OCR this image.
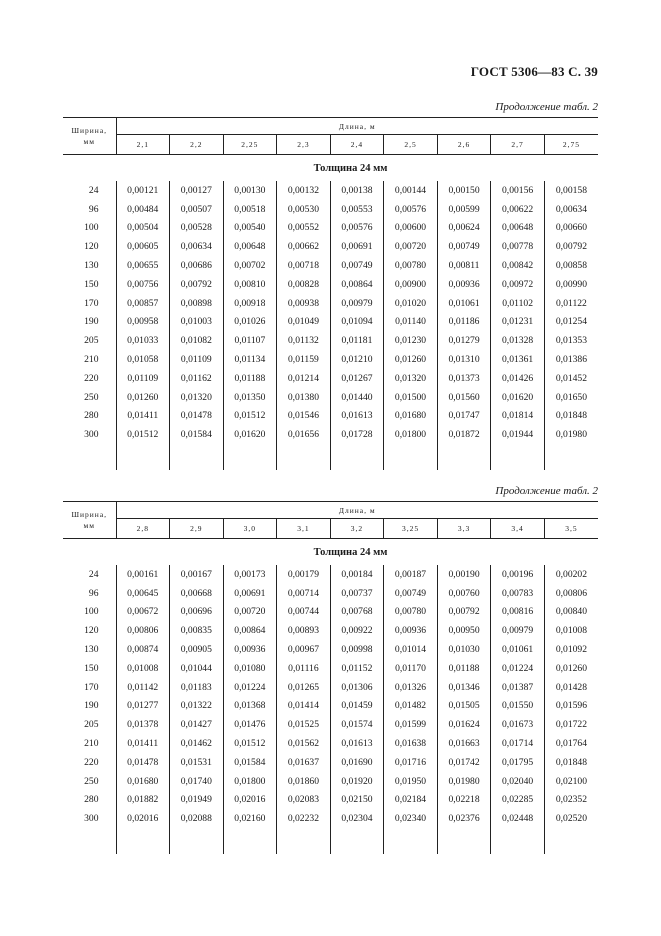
ГОСТ 5306—83 С. 39
Продолжение табл. 2
Ширина,
мм	Длина, м								
	2,1	2,2	2,25	2,3	2,4	2,5	2,6	2,7	2,75
Толщина 24 мм									
24	0,00121	0,00127	0,00130	0,00132	0,00138	0,00144	0,00150	0,00156	0,00158
96	0,00484	0,00507	0,00518	0,00530	0,00553	0,00576	0,00599	0,00622	0,00634
100	0,00504	0,00528	0,00540	0,00552	0,00576	0,00600	0,00624	0,00648	0,00660
120	0,00605	0,00634	0,00648	0,00662	0,00691	0,00720	0,00749	0,00778	0,00792
130	0,00655	0,00686	0,00702	0,00718	0,00749	0,00780	0,00811	0,00842	0,00858
150	0,00756	0,00792	0,00810	0,00828	0,00864	0,00900	0,00936	0,00972	0,00990
170	0,00857	0,00898	0,00918	0,00938	0,00979	0,01020	0,01061	0,01102	0,01122
190	0,00958	0,01003	0,01026	0,01049	0,01094	0,01140	0,01186	0,01231	0,01254
205	0,01033	0,01082	0,01107	0,01132	0,01181	0,01230	0,01279	0,01328	0,01353
210	0,01058	0,01109	0,01134	0,01159	0,01210	0,01260	0,01310	0,01361	0,01386
220	0,01109	0,01162	0,01188	0,01214	0,01267	0,01320	0,01373	0,01426	0,01452
250	0,01260	0,01320	0,01350	0,01380	0,01440	0,01500	0,01560	0,01620	0,01650
280	0,01411	0,01478	0,01512	0,01546	0,01613	0,01680	0,01747	0,01814	0,01848
300	0,01512	0,01584	0,01620	0,01656	0,01728	0,01800	0,01872	0,01944	0,01980

Продолжение табл. 2
Ширина,
мм	Длина, м								
	2,8	2,9	3,0	3,1	3,2	3,25	3,3	3,4	3,5
Толщина 24 мм									
24	0,00161	0,00167	0,00173	0,00179	0,00184	0,00187	0,00190	0,00196	0,00202
96	0,00645	0,00668	0,00691	0,00714	0,00737	0,00749	0,00760	0,00783	0,00806
100	0,00672	0,00696	0,00720	0,00744	0,00768	0,00780	0,00792	0,00816	0,00840
120	0,00806	0,00835	0,00864	0,00893	0,00922	0,00936	0,00950	0,00979	0,01008
130	0,00874	0,00905	0,00936	0,00967	0,00998	0,01014	0,01030	0,01061	0,01092
150	0,01008	0,01044	0,01080	0,01116	0,01152	0,01170	0,01188	0,01224	0,01260
170	0,01142	0,01183	0,01224	0,01265	0,01306	0,01326	0,01346	0,01387	0,01428
190	0,01277	0,01322	0,01368	0,01414	0,01459	0,01482	0,01505	0,01550	0,01596
205	0,01378	0,01427	0,01476	0,01525	0,01574	0,01599	0,01624	0,01673	0,01722
210	0,01411	0,01462	0,01512	0,01562	0,01613	0,01638	0,01663	0,01714	0,01764
220	0,01478	0,01531	0,01584	0,01637	0,01690	0,01716	0,01742	0,01795	0,01848
250	0,01680	0,01740	0,01800	0,01860	0,01920	0,01950	0,01980	0,02040	0,02100
280	0,01882	0,01949	0,02016	0,02083	0,02150	0,02184	0,02218	0,02285	0,02352
300	0,02016	0,02088	0,02160	0,02232	0,02304	0,02340	0,02376	0,02448	0,02520
